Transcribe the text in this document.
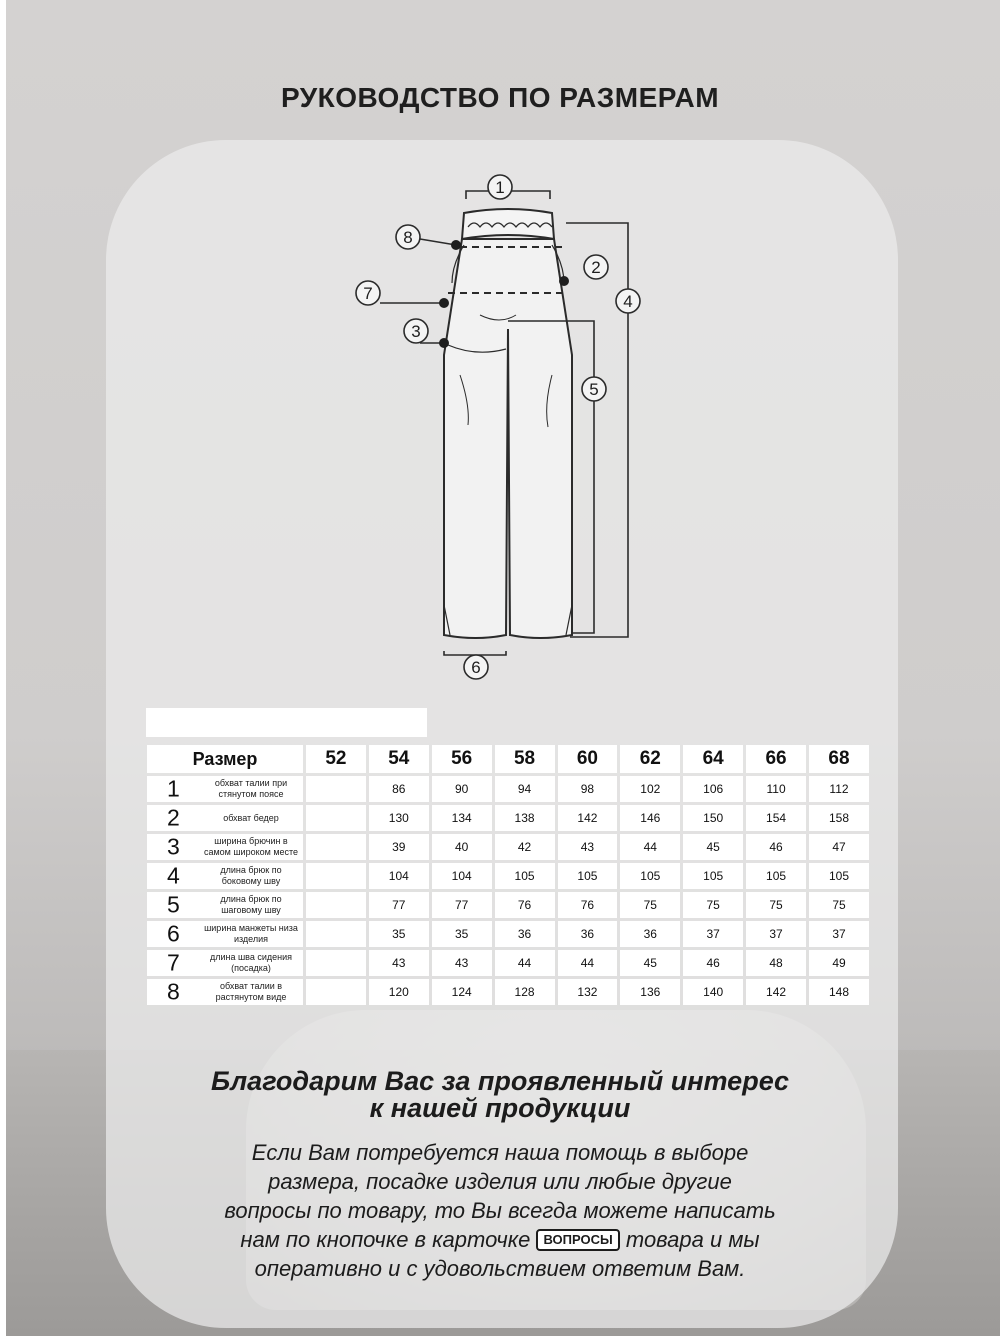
РУКОВОДСТВО ПО РАЗМЕРАМ
1
2
3
4
5
6
7
8
Размер	52	54	56	58	60	62	64	66	68

1 обхват талии при стянутом поясе		86	90	94	98	102	106	110	112

2 обхват бедер		130	134	138	142	146	150	154	158

3 ширина брючин в самом широком месте		39	40	42	43	44	45	46	47

4 длина брюк по боковому шву		104	104	105	105	105	105	105	105

5 длина брюк по шаговому шву		77	77	76	76	75	75	75	75

6 ширина манжеты низа изделия		35	35	36	36	36	37	37	37

7 длина шва сидения (посадка)		43	43	44	44	45	46	48	49

8 обхват талии в растянутом виде		120	124	128	132	136	140	142	148
Благодарим Вас за проявленный интерес
к нашей продукции
Если Вам потребуется наша помощь в выборе
размера, посадке изделия или любые другие
вопросы по товару, то Вы всегда можете написать
нам по кнопочке в карточке ВОПРОСЫ товара и мы
оперативно и с удовольствием ответим Вам.
